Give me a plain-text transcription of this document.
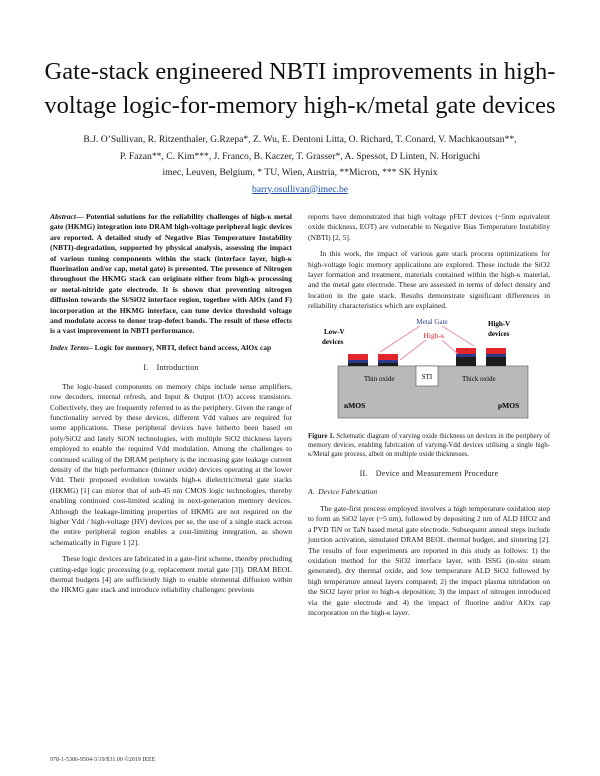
Gate-stack engineered NBTI improvements in high-voltage logic-for-memory high-κ/metal gate devices
B.J. O’Sullivan, R. Ritzenthaler, G.Rzepa*, Z. Wu, E. Dentoni Litta, O. Richard, T. Conard, V. Machkaoutsan**,
P. Fazan**, C. Kim***, J. Franco, B. Kaczer, T. Grasser*, A. Spessot, D Linten, N. Horiguchi
imec, Leuven, Belgium, * TU, Wien, Austria, **Micron, *** SK Hynix
barry.osullivan@imec.be

Abstract— Potential solutions for the reliability challenges of high-κ metal gate (HKMG) integration into DRAM high-voltage peripheral logic devices are reported. A detailed study of Negative Bias Temperature Instability (NBTI)-degradation, supported by physical analysis, assessing the impact of various tuning components within the stack (interface layer, high-κ fluorination and/or cap, metal gate) is presented. The presence of Nitrogen throughout the HKMG stack can originate either from high-κ processing or metal-nitride gate electrode. It is shown that preventing nitrogen diffusion towards the Si/SiO2 interface region, together with AlOx (and F) incorporation at the HKMG interface, can tune device threshold voltage and modulate access to donor trap-defect bands. The result of these effects is a vast improvement in NBTI performance.

Index Terms– Logic for memory, NBTI, defect band access, AlOx cap

I. Introduction

The logic-based components on memory chips include sense amplifiers, row decoders, internal refresh, and Input & Output (I/O) access transistors. Collectively, they are frequently referred to as the periphery. Given the range of functionality served by these devices, different Vdd values are required for some applications. These peripheral devices have hitherto been based on poly/SiO2 and lately SiON technologies, with multiple SiO2 thickness layers employed to enable the required Vdd modulation. Among the challenges to continued scaling of the DRAM periphery is the increasing gate leakage current density of the high performance (thinner oxide) devices operating at the lower Vdd. Their proposed evolution towards high-κ dielectric/metal gate stacks (HKMG) [1] can mirror that of sub-45 nm CMOS logic technologies, thereby enabling continued cost-limited scaling in next-generation memory devices. Although the leakage-limiting properties of HKMG are not required on the higher Vdd / high-voltage (HV) devices per se, the use of a single stack across the entire peripheral region enables a cost-limiting integration, as shown schematically in Figure 1 [2].

These logic devices are fabricated in a gate-first scheme, thereby precluding cutting-edge logic processing (e.g. replacement metal gate [3]). DRAM BEOL thermal budgets [4] are sufficiently high to enable elemental diffusion within the HKMG gate stack and introduce reliability challenges: previous

reports have demonstrated that high voltage pFET devices (~5nm equivalent oxide thickness, EOT) are vulnerable to Negative Bias Temperature Instability (NBTI) [2, 5].

In this work, the impact of various gate stack process optimizations for high-voltage logic memory applications are explored. These include the SiO2 layer formation and treatment, materials contained within the high-κ material, and the metal gate electrode. These are assessed in terms of defect density and location in the gate stack. Results demonstrate significant differences in reliability characteristics which are explained.

Metal Gate
High-κ
Low-V
devices
High-V
devices
Thin oxide	STI	Thick oxide
nMOS	pMOS
Figure 1. Schematic diagram of varying oxide thickness on devices in the periphery of memory devices, enabling fabrication of varying-Vdd devices utilising a single high-κ/Metal gate process, albeit on multiple oxide thicknesses.
II. Device and Measurement Procedure
A. Device Fabrication

The gate-first process employed involves a high temperature oxidation step to form an SiO2 layer (~5 nm), followed by depositing 2 nm of ALD HfO2 and a PVD TiN or TaN based metal gate electrode. Subsequent anneal steps include junction activation, simulated DRAM BEOL thermal budget, and sintering [2]. The results of four experiments are reported in this study as follows: 1) the oxidation method for the SiO2 interface layer, with ISSG (in-situ steam generated), dry thermal oxide, and low temperature ALD SiO2 followed by high temperature anneal layers compared; 2) the impact plasma nitridation on the SiO2 layer prior to high-κ deposition; 3) the impact of nitrogen introduced via the gate electrode and 4) the impact of fluorine and/or AlOx cap incorporation on the high-κ layer.

978-1-5386-9504-3/19/$31.00 ©2019 IEEE
